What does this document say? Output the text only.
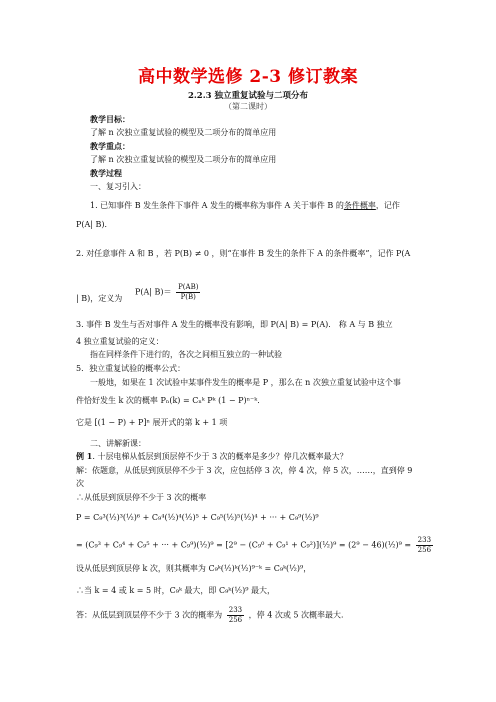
高中数学选修 2-3 修订教案
2.2.3 独立重复试验与二项分布
（第二课时）
教学目标：
了解 n 次独立重复试验的模型及二项分布的简单应用
教学重点：
了解 n 次独立重复试验的模型及二项分布的简单应用
教学过程
一、复习引入：
1. 已知事件 B 发生条件下事件 A 发生的概率称为事件 A 关于事件 B 的条件概率，记作
P(A| B)．
2. 对任意事件 A 和 B ，若 P(B) ≠ 0 ，则“在事件 B 发生的条件下 A 的条件概率”，记作 P(A
| B)，定义为
P(A| $B)= \frac{P(AB)}{P(B)}$
3. 事件 B 发生与否对事件 A 发生的概率没有影响，即 P(A| B) = P(A)． 称 A 与 B 独立
4 独立重复试验的定义：
指在同样条件下进行的，各次之间相互独立的一种试验
5．独立重复试验的概率公式：
一般地，如果在 1 次试验中某事件发生的概率是 P ，那么在 n 次独立重复试验中这个事
件恰好发生 k 次的概率 Pₙ(k) = Cₙᵏ Pᵏ (1 − P)ⁿ⁻ᵏ．
它是 [(1 − P) + P]ⁿ 展开式的第 k + 1 项
二、讲解新课：
例 1. 十层电梯从低层到顶层停不少于 3 次的概率是多少？停几次概率最大？
解：依题意，从低层到顶层停不少于 3 次，应包括停 3 次，停 4 次，停 5 次，……，直到停 9
次
∴从低层到顶层停不少于 3 次的概率
P = C₉³(½)³(½)⁶ + C₉⁴(½)⁴(½)⁵ + C₉⁵(½)⁵(½)⁴ + ··· + C₉⁹(½)⁹
= (C₉³ + C₉⁴ + C₉⁵ + ··· + C₉⁹)(½)⁹ = [2⁹ − (C₉⁰ + C₉¹ + C₉²)](½)⁹ = (2⁹ − 46)(½)⁹ = $\frac{233}{256}$
设从低层到顶层停 k 次，则其概率为 C₉ᵏ(½)ᵏ(½)⁹⁻ᵏ = C₉ᵏ(½)⁹，
∴当 k = 4 或 k = 5 时，C₉ᵏ 最大，即 C₉ᵏ(½)⁹ 最大，
答：从低层到顶层停不少于 3 次的概率为 $\frac{233}{256}$ ，停 4 次或 5 次概率最大．
